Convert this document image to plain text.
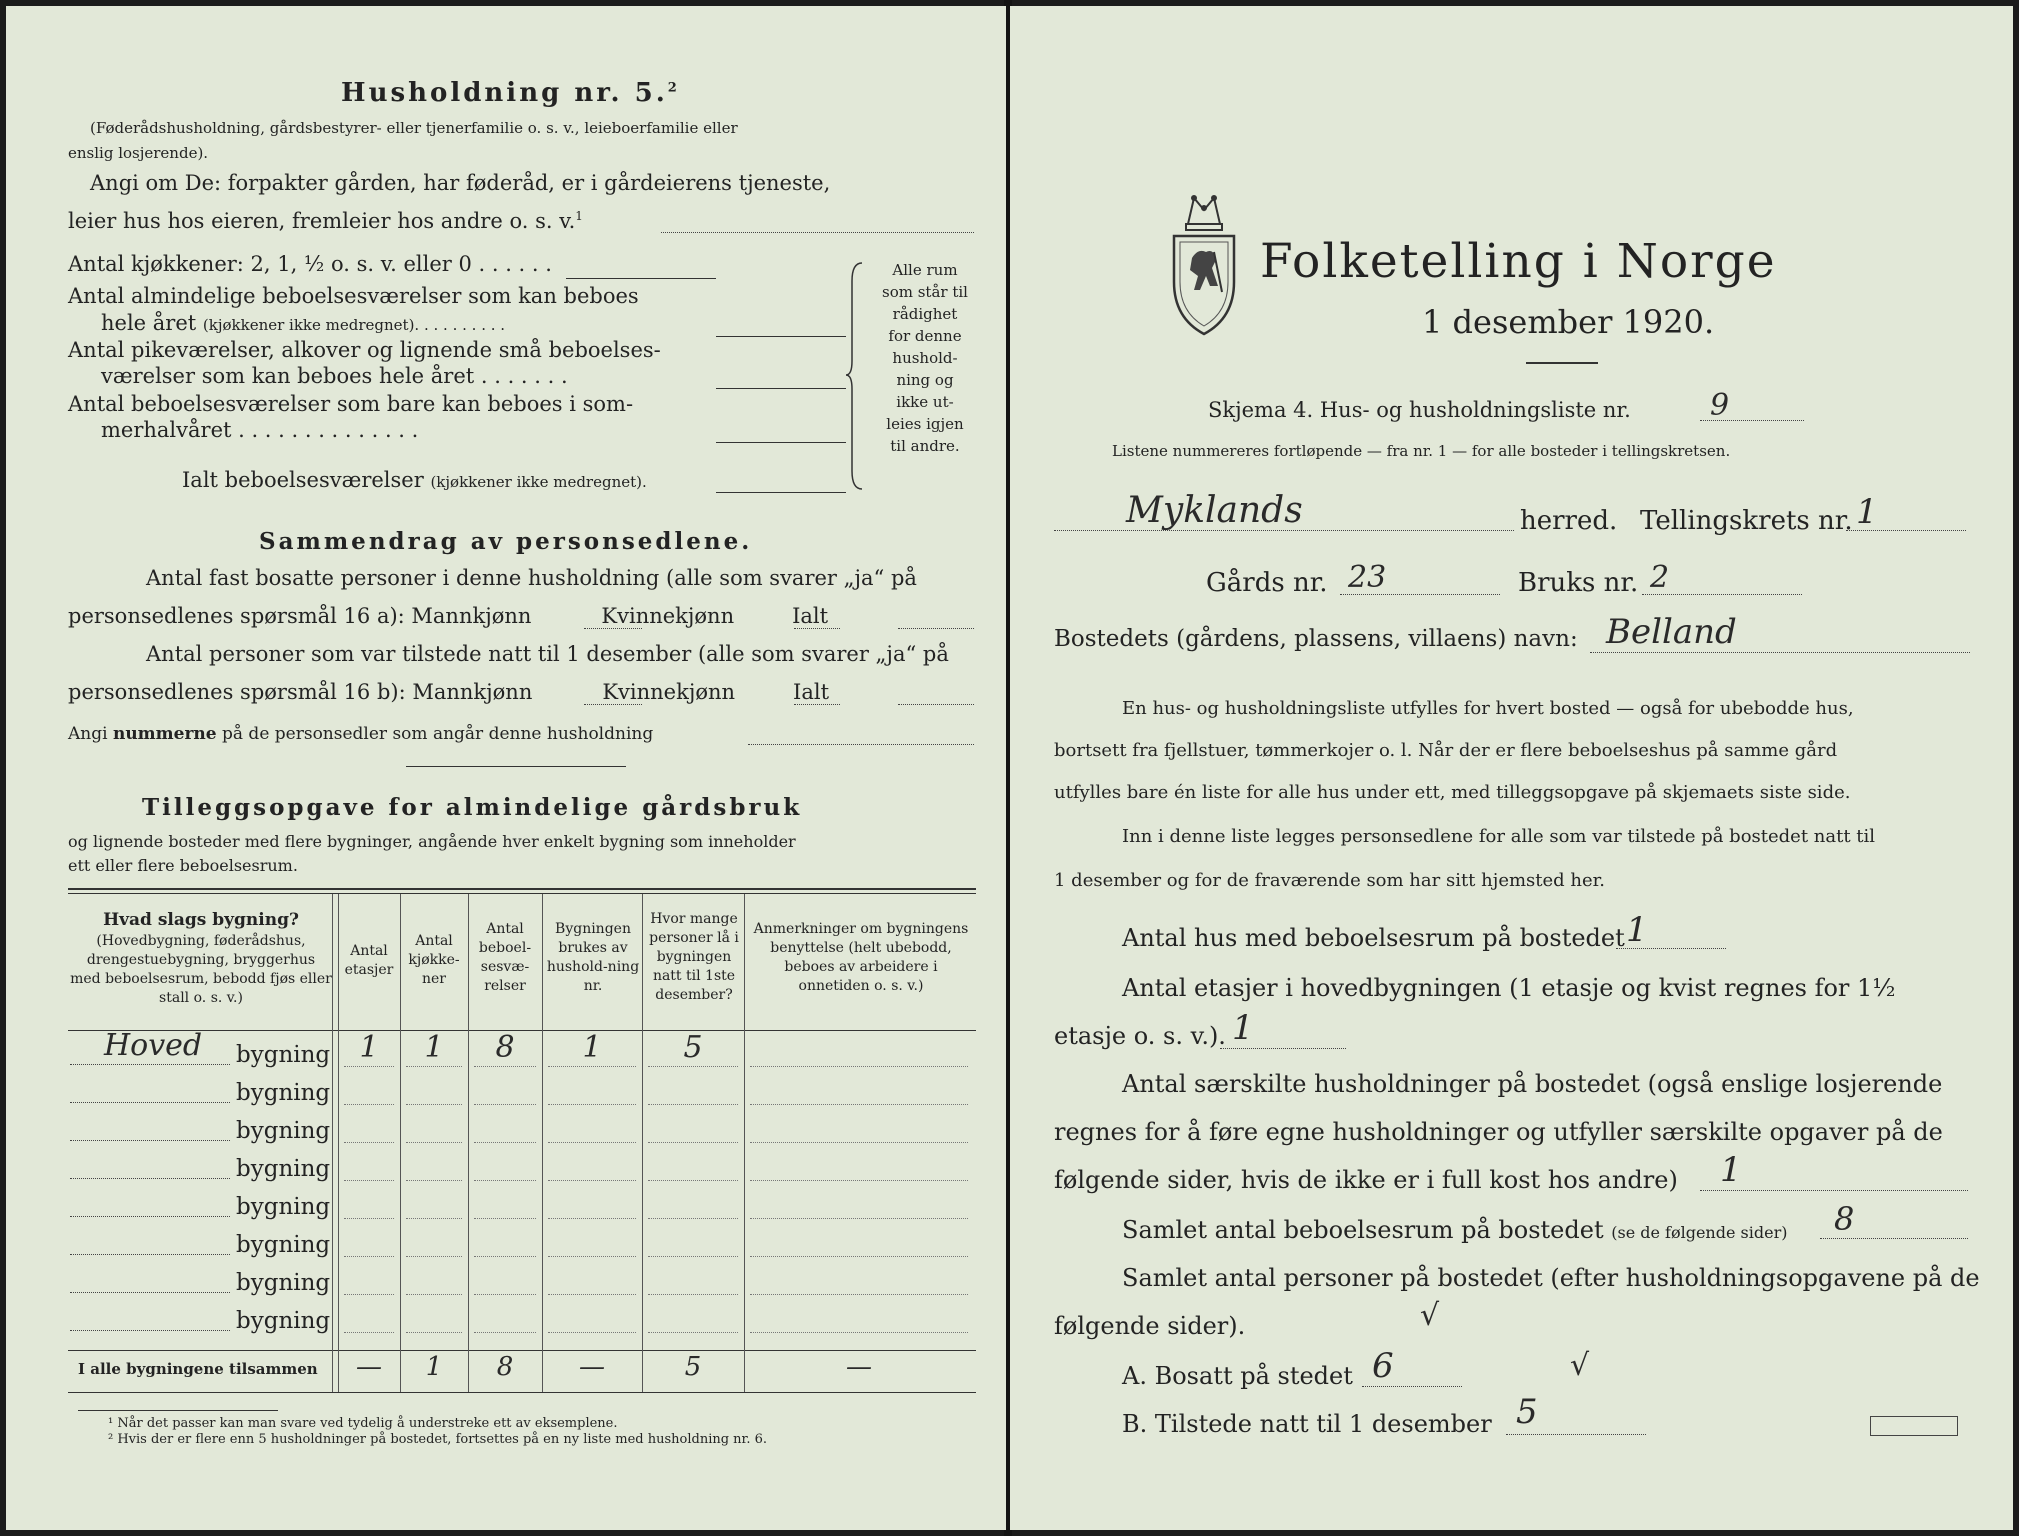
Husholdning nr. 5.$^2$
(Føderådshusholdning, gårdsbestyrer- eller tjenerfamilie o. s. v., leieboerfamilie eller
enslig losjerende).
Angi om De: forpakter gården, har føderåd, er i gårdeierens tjeneste,
leier hus hos eieren, fremleier hos andre o. s. v.$^1$
Antal kjøkkener: 2, 1, ½ o. s. v. eller 0 . . . . . .
Antal almindelige beboelsesværelser som kan beboes
hele året (kjøkkener ikke medregnet). . . . . . . . . .
Antal pikeværelser, alkover og lignende små beboelses-
værelser som kan beboes hele året . . . . . . .
Antal beboelsesværelser som bare kan beboes i som-
merhalvåret . . . . . . . . . . . . . .
Ialt beboelsesværelser (kjøkkener ikke medregnet).
Alle rum
som står til
rådighet
for denne
hushold-
ning og
ikke ut-
leies igjen
til andre.
Sammendrag av personsedlene.
Antal fast bosatte personer i denne husholdning (alle som svarer „ja“ på
personsedlenes spørsmål 16 a): Mannkjønn	Kvinnekjønn	Ialt
Antal personer som var tilstede natt til 1 desember (alle som svarer „ja“ på
personsedlenes spørsmål 16 b): Mannkjønn	Kvinnekjønn	Ialt
Angi nummerne på de personsedler som angår denne husholdning
Tilleggsopgave for almindelige gårdsbruk
og lignende bosteder med flere bygninger, angående hver enkelt bygning som inneholder
ett eller flere beboelsesrum.
Hvad slags bygning?
(Hovedbygning, føderådshus, drengestuebygning, bryggerhus med beboelsesrum, bebodd fjøs eller stall o. s. v.)
Antal etasjer
Antal kjøkke-ner
Antal beboel-sesvæ-relser
Bygningen brukes av hushold-ning nr.
Hvor mange personer lå i bygningen natt til 1ste desember?
Anmerkninger om bygningens benyttelse (helt ubebodd, beboes av arbeidere i onnetiden o. s. v.)
Hoved bygning 1	1	8	1	5
bygning
bygning
bygning
bygning
bygning
bygning
bygning
I alle bygningene tilsammen	—	1	8	—	5	—
¹ Når det passer kan man svare ved tydelig å understreke ett av eksemplene.
² Hvis der er flere enn 5 husholdninger på bostedet, fortsettes på en ny liste med husholdning nr. 6.
Folketelling i Norge
1 desember 1920.
Skjema 4. Hus- og husholdningsliste nr.	9
Listene nummereres fortløpende — fra nr. 1 — for alle bosteder i tellingskretsen.
Myklands	herred. Tellingskrets nr. 1
Gårds nr. 23	Bruks nr. 2
Bostedets (gårdens, plassens, villaens) navn: Belland
En hus- og husholdningsliste utfylles for hvert bosted — også for ubebodde hus,
bortsett fra fjellstuer, tømmerkojer o. l. Når der er flere beboelseshus på samme gård
utfylles bare én liste for alle hus under ett, med tilleggsopgave på skjemaets siste side.
Inn i denne liste legges personsedlene for alle som var tilstede på bostedet natt til
1 desember og for de fraværende som har sitt hjemsted her.
Antal hus med beboelsesrum på bostedet 1
Antal etasjer i hovedbygningen (1 etasje og kvist regnes for 1½
etasje o. s. v.). 1
Antal særskilte husholdninger på bostedet (også enslige losjerende
regnes for å føre egne husholdninger og utfyller særskilte opgaver på de
følgende sider, hvis de ikke er i full kost hos andre) 1
Samlet antal beboelsesrum på bostedet (se de følgende sider) 8
Samlet antal personer på bostedet (efter husholdningsopgavene på de
følgende sider).	√
A. Bosatt på stedet 6	√
B. Tilstede natt til 1 desember 5
